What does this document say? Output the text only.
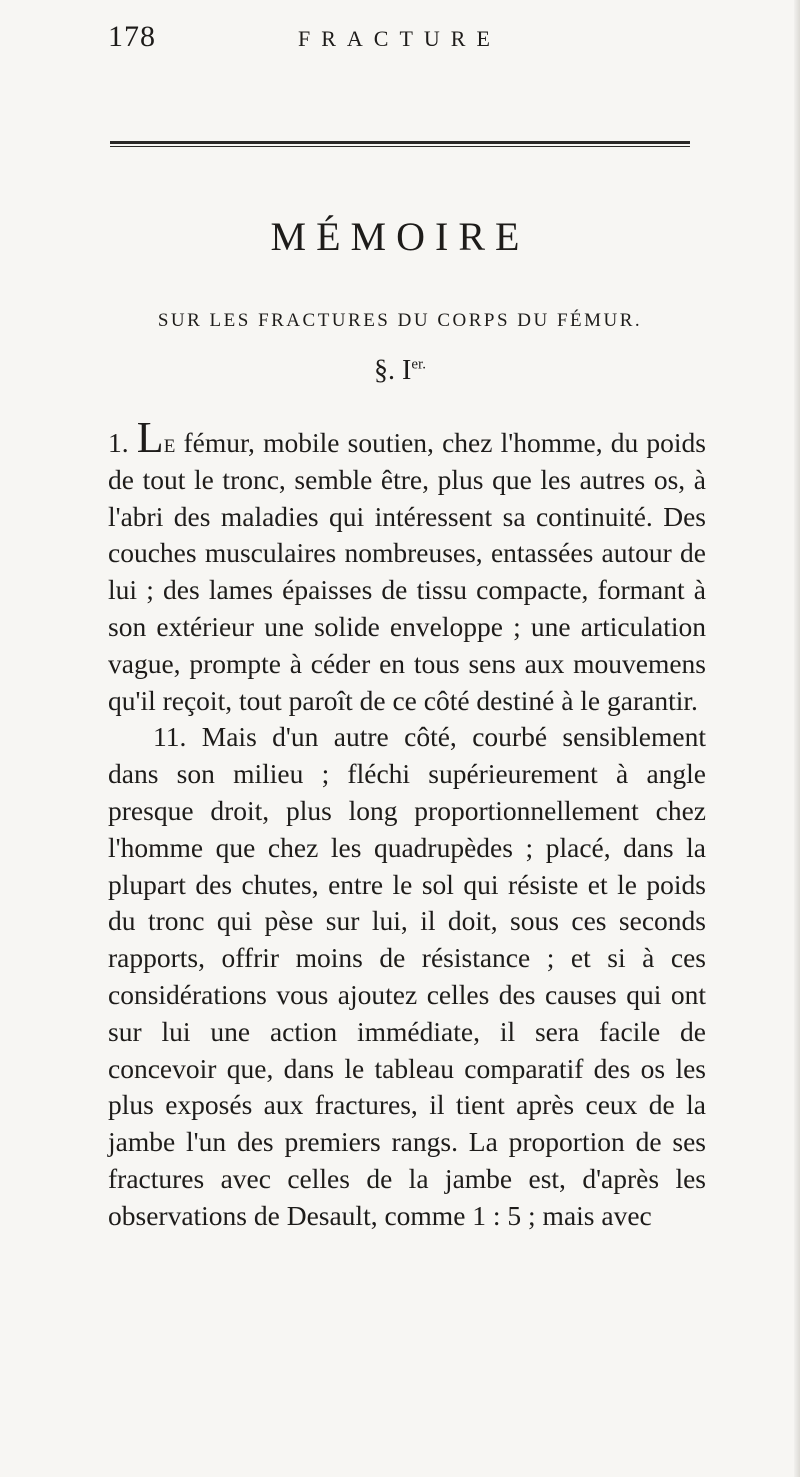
178	FRACTURE
MÉMOIRE
SUR LES FRACTURES DU CORPS DU FÉMUR.
§. $I^{er.}$

1. Le fémur, mobile soutien, chez l'homme, du poids de tout le tronc, semble être, plus que les autres os, à l'abri des maladies qui intéressent sa continuité. Des couches musculaires nombreuses, entassées autour de lui ; des lames épaisses de tissu compacte, formant à son extérieur une solide enveloppe ; une articulation vague, prompte à céder en tous sens aux mouvemens qu'il reçoit, tout paroît de ce côté destiné à le garantir.

11. Mais d'un autre côté, courbé sensiblement dans son milieu ; fléchi supérieurement à angle presque droit, plus long proportionnellement chez l'homme que chez les quadrupèdes ; placé, dans la plupart des chutes, entre le sol qui résiste et le poids du tronc qui pèse sur lui, il doit, sous ces seconds rapports, offrir moins de résistance ; et si à ces considérations vous ajoutez celles des causes qui ont sur lui une action immédiate, il sera facile de concevoir que, dans le tableau comparatif des os les plus exposés aux fractures, il tient après ceux de la jambe l'un des premiers rangs. La proportion de ses fractures avec celles de la jambe est, d'après les observations de Desault, comme 1 : 5 ; mais avec
